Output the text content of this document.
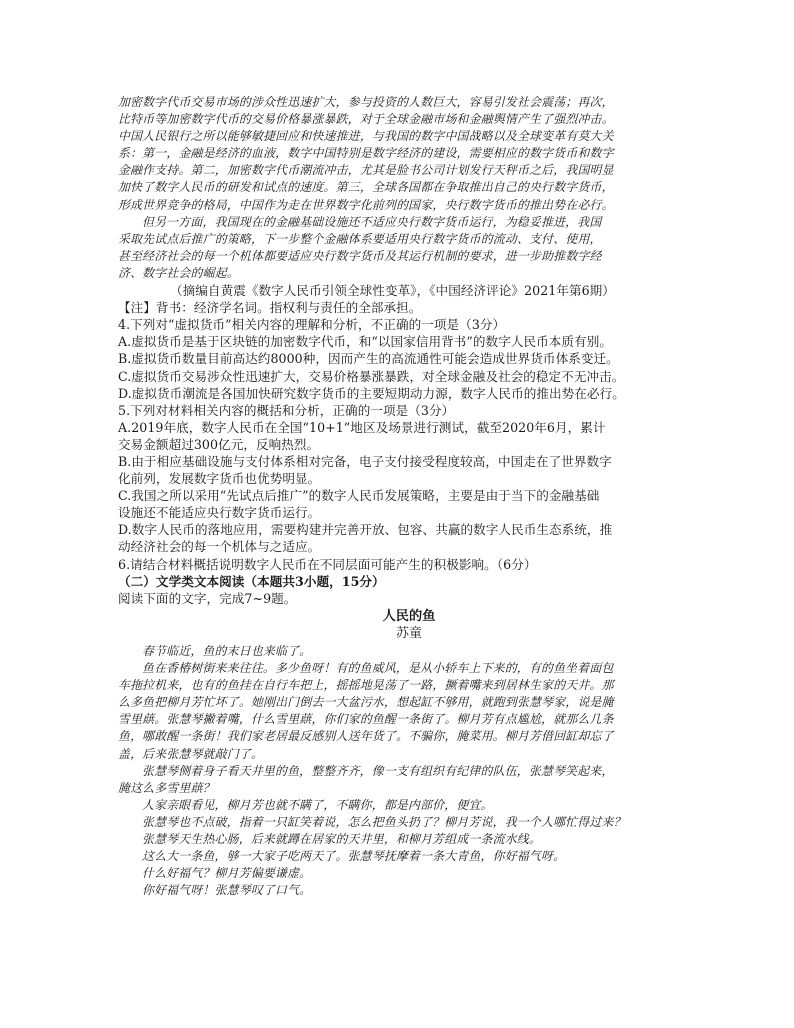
加密数字代币交易市场的涉众性迅速扩大，参与投资的人数巨大，容易引发社会震荡；再次，
比特币等加密数字代币的交易价格暴涨暴跌，对于全球金融市场和金融舆情产生了强烈冲击。
中国人民银行之所以能够敏捷回应和快速推进，与我国的数字中国战略以及全球变革有莫大关
系：第一，金融是经济的血液，数字中国特别是数字经济的建设，需要相应的数字货币和数字
金融作支持。第二，加密数字代币潮流冲击，尤其是脸书公司计划发行天秤币之后，我国明显
加快了数字人民币的研发和试点的速度。第三，全球各国都在争取推出自己的央行数字货币，
形成世界竞争的格局，中国作为走在世界数字化前列的国家，央行数字货币的推出势在必行。
但另一方面，我国现在的金融基础设施还不适应央行数字货币运行，为稳妥推进，我国
采取先试点后推广的策略，下一步整个金融体系要适用央行数字货币的流动、支付、使用，
甚至经济社会的每一个机体都要适应央行数字货币及其运行机制的要求，进一步助推数字经
济、数字社会的崛起。
（摘编自黄震《数字人民币引领全球性变革》，《中国经济评论》2021年第6期）
【注】背书：经济学名词。指权利与责任的全部承担。
4.下列对“虚拟货币”相关内容的理解和分析，不正确的一项是（3分）
A.虚拟货币是基于区块链的加密数字代币，和“以国家信用背书”的数字人民币本质有别。
B.虚拟货币数量目前高达约8000种，因而产生的高流通性可能会造成世界货币体系变迁。
C.虚拟货币交易涉众性迅速扩大，交易价格暴涨暴跌，对全球金融及社会的稳定不无冲击。
D.虚拟货币潮流是各国加快研究数字货币的主要短期动力源，数字人民币的推出势在必行。
5.下列对材料相关内容的概括和分析，正确的一项是（3分）
A.2019年底，数字人民币在全国“10+1”地区及场景进行测试，截至2020年6月，累计
交易金额超过300亿元，反响热烈。
B.由于相应基础设施与支付体系相对完备，电子支付接受程度较高，中国走在了世界数字
化前列，发展数字货币也优势明显。
C.我国之所以采用“先试点后推广”的数字人民币发展策略，主要是由于当下的金融基础
设施还不能适应央行数字货币运行。
D.数字人民币的落地应用，需要构建并完善开放、包容、共赢的数字人民币生态系统，推
动经济社会的每一个机体与之适应。
6.请结合材料概括说明数字人民币在不同层面可能产生的积极影响。（6分）
（二）文学类文本阅读（本题共3小题，15分）
阅读下面的文字，完成7~9题。
人民的鱼
苏童
春节临近，鱼的末日也来临了。
鱼在香椿树街来来往往。多少鱼呀！有的鱼威风，是从小轿车上下来的，有的鱼坐着面包
车拖拉机来，也有的鱼挂在自行车把上，摇摇地晃荡了一路，撅着嘴来到居林生家的天井。那
么多鱼把柳月芳忙坏了。她刚出门倒去一大盆污水，想起缸不够用，就跑到张慧琴家，说是腌
雪里蕻。张慧琴撇着嘴，什么雪里蕻，你们家的鱼醒一条街了。柳月芳有点尴尬，就那么几条
鱼，哪敢醒一条街！我们家老居最反感别人送年货了。不骗你，腌菜用。柳月芳借回缸却忘了
盖，后来张慧琴就敲门了。
张慧琴侧着身子看天井里的鱼，整整齐齐，像一支有组织有纪律的队伍，张慧琴笑起来，
腌这么多雪里蕻？
人家亲眼看见，柳月芳也就不瞒了，不瞒你，都是内部价，便宜。
张慧琴也不点破，指着一只缸笑着说，怎么把鱼头扔了？柳月芳说，我一个人哪忙得过来？
张慧琴天生热心肠，后来就蹲在居家的天井里，和柳月芳组成一条流水线。
这么大一条鱼，够一大家子吃两天了。张慧琴抚摩着一条大青鱼，你好福气呀。
什么好福气？柳月芳偏要谦虚。
你好福气呀！张慧琴叹了口气。
